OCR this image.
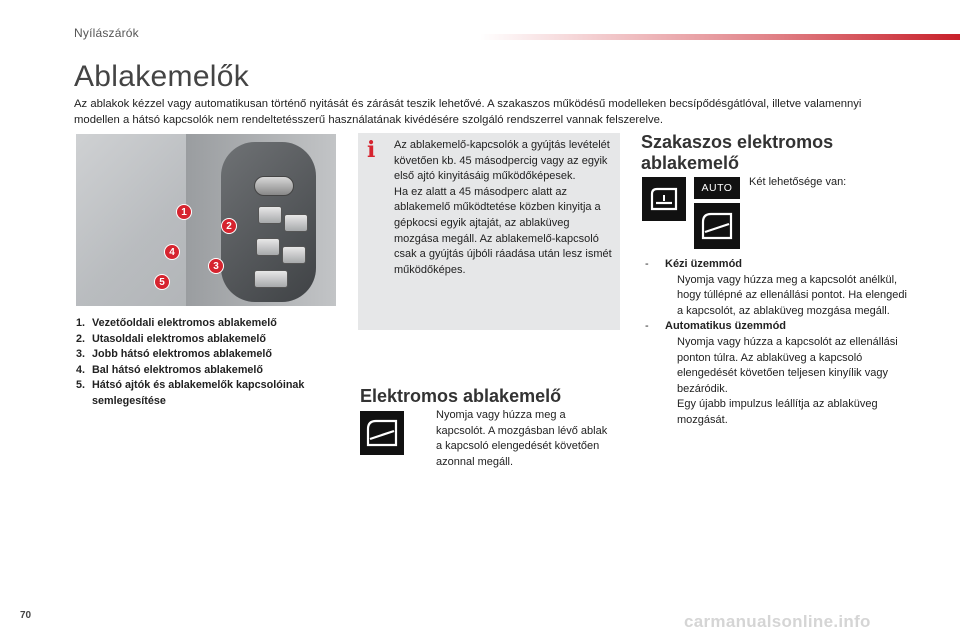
Nyílászárók
Ablakemelők
Az ablakok kézzel vagy automatikusan történő nyitását és zárását teszik lehetővé. A szakaszos működésű modelleken becsípődésgátlóval, illetve valamennyi modellen a hátsó kapcsolók nem rendeltetésszerű használatának kivédésére szolgáló rendszerrel vannak felszerelve.
1
2
3
4
5
1. Vezetőoldali elektromos ablakemelő
2. Utasoldali elektromos ablakemelő
3. Jobb hátsó elektromos ablakemelő
4. Bal hátsó elektromos ablakemelő
5. Hátsó ajtók és ablakemelők kapcsolóinak semlegesítése
i	Az ablakemelő-kapcsolók a gyújtás levételét követően kb. 45 másodpercig vagy az egyik első ajtó kinyitásáig működőképesek.
Ha ez alatt a 45 másodperc alatt az ablakemelő működtetése közben kinyitja a gépkocsi egyik ajtaját, az ablaküveg mozgása megáll. Az ablakemelő-kapcsoló csak a gyújtás újbóli ráadása után lesz ismét működőképes.
Elektromos ablakemelő
Nyomja vagy húzza meg a kapcsolót. A mozgásban lévő ablak a kapcsoló elengedését követően azonnal megáll.
Szakaszos elektromos ablakemelő
AUTO	Két lehetősége van:
-	Kézi üzemmód
Nyomja vagy húzza meg a kapcsolót anélkül, hogy túllépné az ellenállási pontot. Ha elengedi a kapcsolót, az ablaküveg mozgása megáll.
-	Automatikus üzemmód
Nyomja vagy húzza a kapcsolót az ellenállási ponton túlra. Az ablaküveg a kapcsoló elengedését követően teljesen kinyílik vagy bezáródik.
Egy újabb impulzus leállítja az ablaküveg mozgását.
70	carmanualsonline.info
